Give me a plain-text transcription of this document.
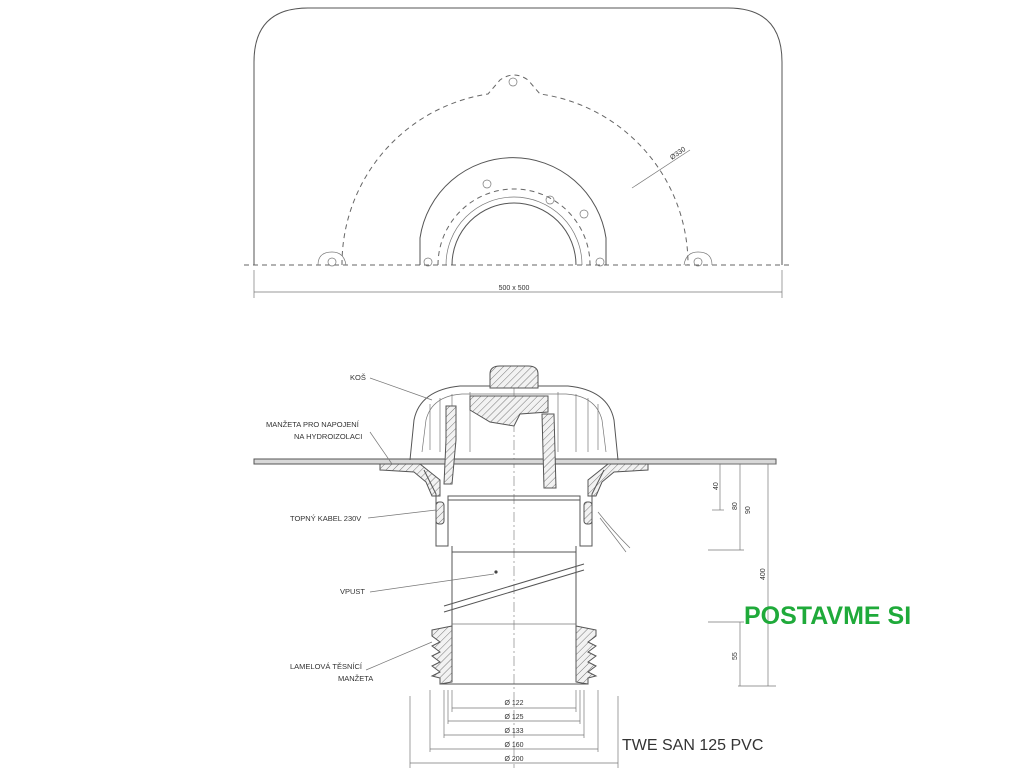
Ø330
500 x 500
KOŠ
MANŽETA PRO NAPOJENÍ
NA HYDROIZOLACI
TOPNÝ KABEL 230V
VPUST
LAMELOVÁ TĚSNÍCÍ
MANŽETA
40
80
90
400
55
Ø 122
Ø 125
Ø 133
Ø 160
Ø 200
TWE SAN 125 PVC
POSTAVME SI
